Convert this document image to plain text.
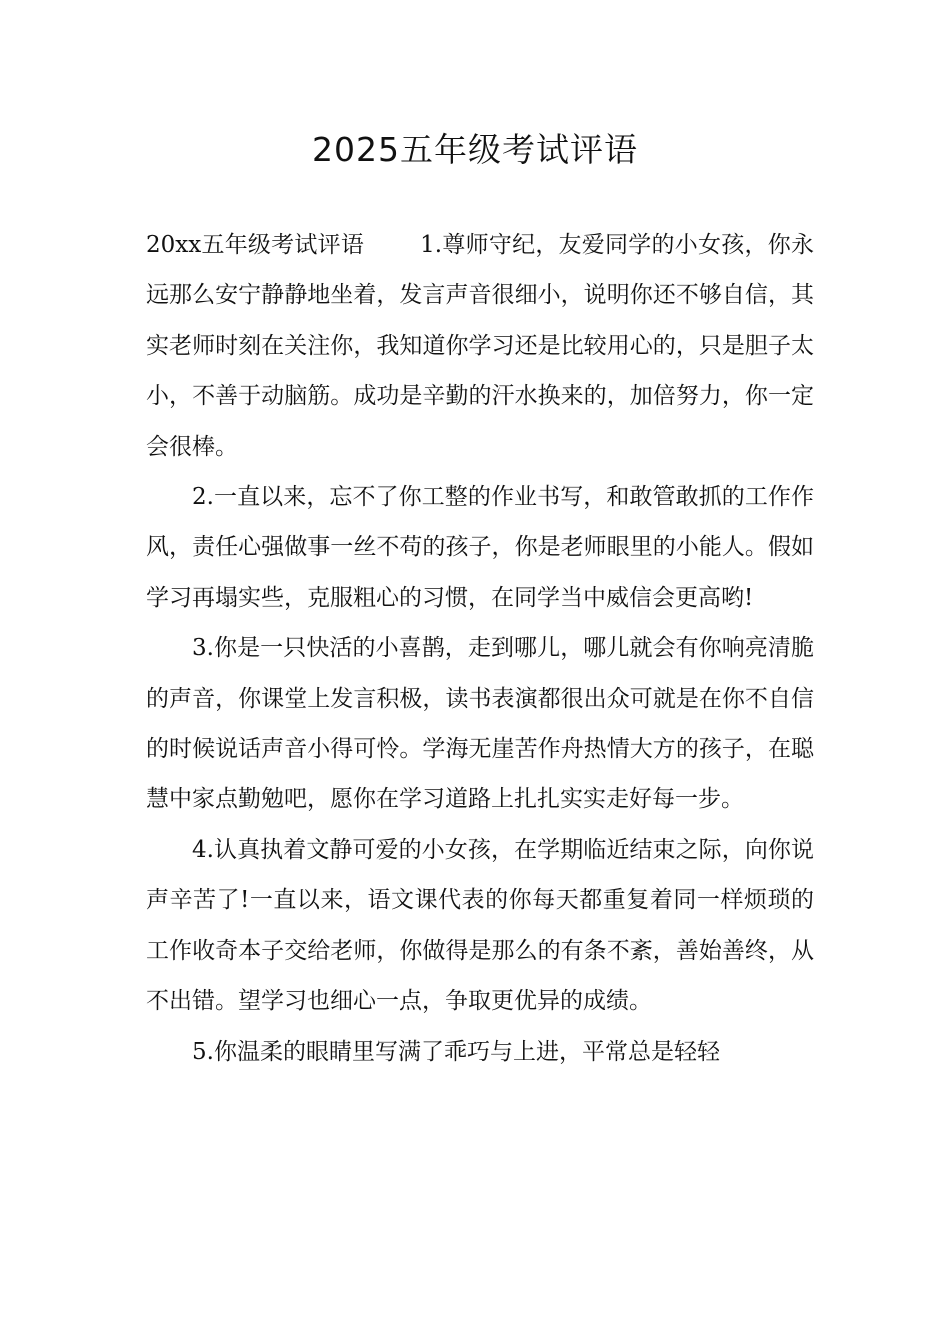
2025五年级考试评语

20xx五年级考试评语 1.尊师守纪，友爱同学的小女孩，你永远那么安宁静静地坐着，发言声音很细小，说明你还不够自信，其实老师时刻在关注你，我知道你学习还是比较用心的，只是胆子太小，不善于动脑筋。成功是辛勤的汗水换来的，加倍努力，你一定会很棒。

2.一直以来，忘不了你工整的作业书写，和敢管敢抓的工作作风，责任心强做事一丝不苟的孩子，你是老师眼里的小能人。假如学习再塌实些，克服粗心的习惯，在同学当中威信会更高哟!

3.你是一只快活的小喜鹊，走到哪儿，哪儿就会有你响亮清脆的声音，你课堂上发言积极，读书表演都很出众可就是在你不自信的时候说话声音小得可怜。学海无崖苦作舟热情大方的孩子，在聪慧中家点勤勉吧，愿你在学习道路上扎扎实实走好每一步。

4.认真执着文静可爱的小女孩，在学期临近结束之际，向你说声辛苦了!一直以来，语文课代表的你每天都重复着同一样烦琐的工作收奇本子交给老师，你做得是那么的有条不紊，善始善终，从不出错。望学习也细心一点，争取更优异的成绩。

5.你温柔的眼睛里写满了乖巧与上进，平常总是轻轻
